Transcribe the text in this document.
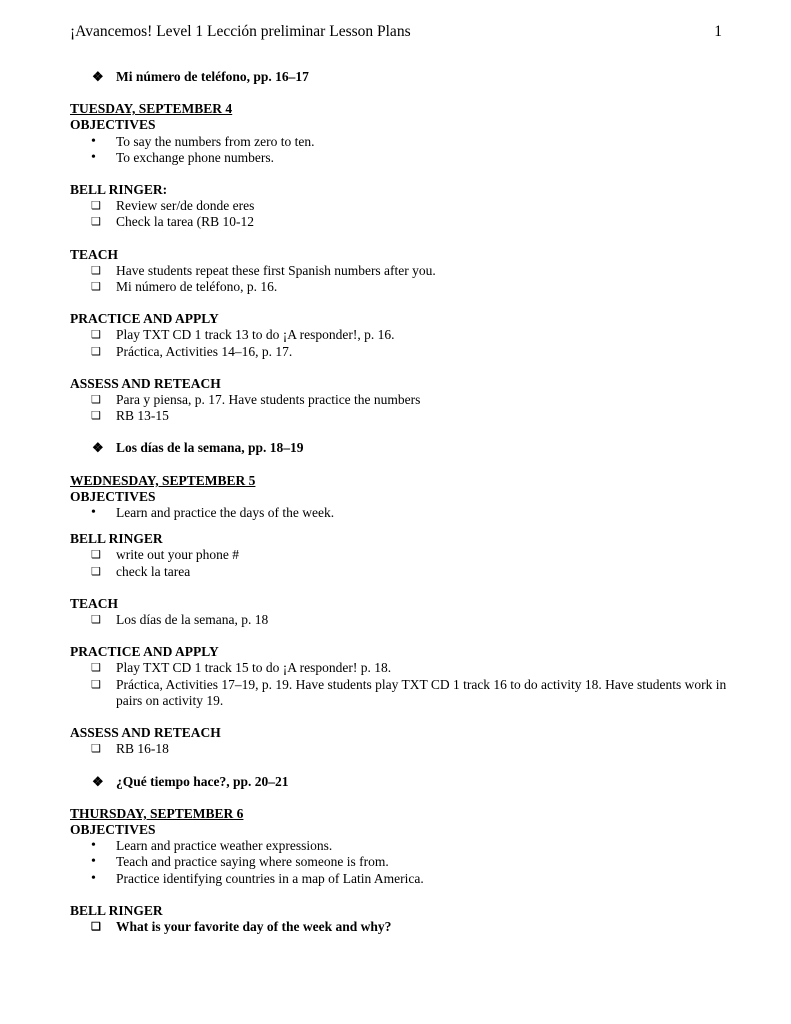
¡Avancemos! Level 1 Lección preliminar Lesson Plans	1
❖ Mi número de teléfono, pp. 16–17
TUESDAY, SEPTEMBER 4
OBJECTIVES
• To say the numbers from zero to ten.
• To exchange phone numbers.
BELL RINGER:
❑ Review ser/de donde eres
❑ Check la tarea (RB 10-12
TEACH
❑ Have students repeat these first Spanish numbers after you.
❑ Mi número de teléfono, p. 16.
PRACTICE AND APPLY
❑ Play TXT CD 1 track 13 to do ¡A responder!, p. 16.
❑ Práctica, Activities 14–16, p. 17.
ASSESS AND RETEACH
❑ Para y piensa, p. 17. Have students practice the numbers
❑ RB 13-15
❖ Los días de la semana, pp. 18–19
WEDNESDAY, SEPTEMBER 5
OBJECTIVES
• Learn and practice the days of the week.
BELL RINGER
❑ write out your phone #
❑ check la tarea
TEACH
❑ Los días de la semana, p. 18
PRACTICE AND APPLY
❑ Play TXT CD 1 track 15 to do ¡A responder! p. 18.
❑ Práctica, Activities 17–19, p. 19. Have students play TXT CD 1 track 16 to do activity 18. Have students work in pairs on activity 19.
ASSESS AND RETEACH
❑ RB 16-18
❖ ¿Qué tiempo hace?, pp. 20–21
THURSDAY, SEPTEMBER 6
OBJECTIVES
• Learn and practice weather expressions.
• Teach and practice saying where someone is from.
• Practice identifying countries in a map of Latin America.
BELL RINGER
❑ What is your favorite day of the week and why?
